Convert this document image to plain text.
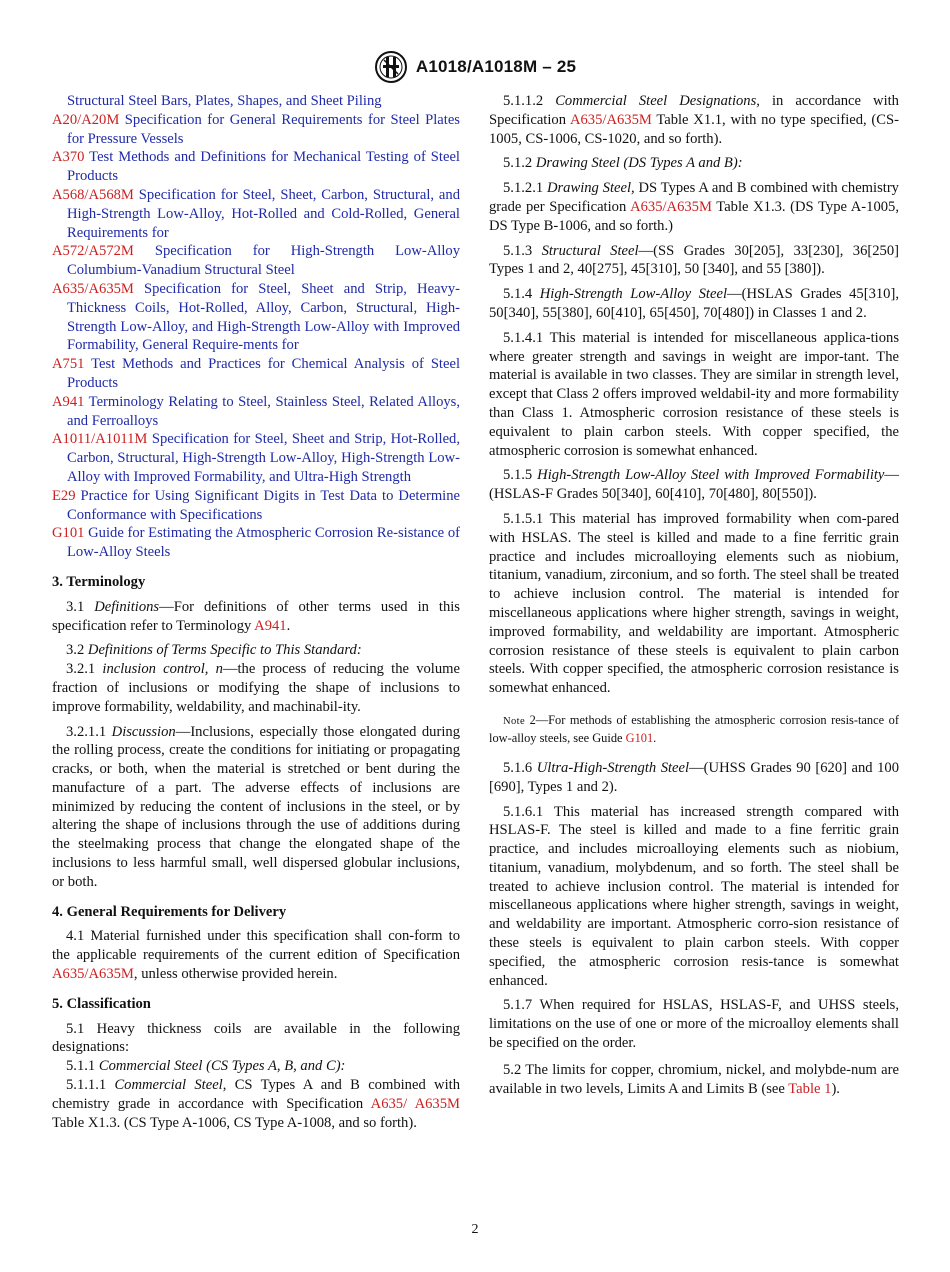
A1018/A1018M – 25
Structural Steel Bars, Plates, Shapes, and Sheet Piling
A20/A20M Specification for General Requirements for Steel Plates for Pressure Vessels
A370 Test Methods and Definitions for Mechanical Testing of Steel Products
A568/A568M Specification for Steel, Sheet, Carbon, Structural, and High-Strength Low-Alloy, Hot-Rolled and Cold-Rolled, General Requirements for
A572/A572M Specification for High-Strength Low-Alloy Columbium-Vanadium Structural Steel
A635/A635M Specification for Steel, Sheet and Strip, Heavy-Thickness Coils, Hot-Rolled, Alloy, Carbon, Structural, High-Strength Low-Alloy, and High-Strength Low-Alloy with Improved Formability, General Require-ments for
A751 Test Methods and Practices for Chemical Analysis of Steel Products
A941 Terminology Relating to Steel, Stainless Steel, Related Alloys, and Ferroalloys
A1011/A1011M Specification for Steel, Sheet and Strip, Hot-Rolled, Carbon, Structural, High-Strength Low-Alloy, High-Strength Low-Alloy with Improved Formability, and Ultra-High Strength
E29 Practice for Using Significant Digits in Test Data to Determine Conformance with Specifications
G101 Guide for Estimating the Atmospheric Corrosion Re-sistance of Low-Alloy Steels
3. Terminology

3.1 Definitions—For definitions of other terms used in this specification refer to Terminology A941.

3.2 Definitions of Terms Specific to This Standard:

3.2.1 inclusion control, n—the process of reducing the volume fraction of inclusions or modifying the shape of inclusions to improve formability, weldability, and machinabil-ity.

3.2.1.1 Discussion—Inclusions, especially those elongated during the rolling process, create the conditions for initiating or propagating cracks, or both, when the material is stretched or bent during the manufacture of a part. The adverse effects of inclusions are minimized by reducing the content of inclusions in the steel, or by altering the shape of inclusions through the use of additions during the steelmaking process that change the elongated shape of the inclusions to less harmful small, well dispersed globular inclusions, or both.

4. General Requirements for Delivery

4.1 Material furnished under this specification shall con-form to the applicable requirements of the current edition of Specification A635/A635M, unless otherwise provided herein.

5. Classification

5.1 Heavy thickness coils are available in the following designations:

5.1.1 Commercial Steel (CS Types A, B, and C):

5.1.1.1 Commercial Steel, CS Types A and B combined with chemistry grade in accordance with Specification A635/ A635M Table X1.3. (CS Type A-1006, CS Type A-1008, and so forth).

5.1.1.2 Commercial Steel Designations, in accordance with Specification A635/A635M Table X1.1, with no type specified, (CS-1005, CS-1006, CS-1020, and so forth).

5.1.2 Drawing Steel (DS Types A and B):

5.1.2.1 Drawing Steel, DS Types A and B combined with chemistry grade per Specification A635/A635M Table X1.3. (DS Type A-1005, DS Type B-1006, and so forth.)

5.1.3 Structural Steel—(SS Grades 30[205], 33[230], 36[250] Types 1 and 2, 40[275], 45[310], 50 [340], and 55 [380]).

5.1.4 High-Strength Low-Alloy Steel—(HSLAS Grades 45[310], 50[340], 55[380], 60[410], 65[450], 70[480]) in Classes 1 and 2.

5.1.4.1 This material is intended for miscellaneous applica-tions where greater strength and savings in weight are impor-tant. The material is available in two classes. They are similar in strength level, except that Class 2 offers improved weldabil-ity and more formability than Class 1. Atmospheric corrosion resistance of these steels is equivalent to plain carbon steels. With copper specified, the atmospheric corrosion is somewhat enhanced.

5.1.5 High-Strength Low-Alloy Steel with Improved Formability—(HSLAS-F Grades 50[340], 60[410], 70[480], 80[550]).

5.1.5.1 This material has improved formability when com-pared with HSLAS. The steel is killed and made to a fine ferritic grain practice and includes microalloying elements such as niobium, titanium, vanadium, zirconium, and so forth. The steel shall be treated to achieve inclusion control. The material is intended for miscellaneous applications where higher strength, savings in weight, improved formability, and weldability are important. Atmospheric corrosion resistance of these steels is equivalent to plain carbon steels. With copper specified, the atmospheric corrosion resistance is somewhat enhanced.

Note 2—For methods of establishing the atmospheric corrosion resis-tance of low-alloy steels, see Guide G101.

5.1.6 Ultra-High-Strength Steel—(UHSS Grades 90 [620] and 100 [690], Types 1 and 2).

5.1.6.1 This material has increased strength compared with HSLAS-F. The steel is killed and made to a fine ferritic grain practice, and includes microalloying elements such as niobium, titanium, vanadium, molybdenum, and so forth. The steel shall be treated to achieve inclusion control. The material is intended for miscellaneous applications where higher strength, savings in weight, and weldability are important. Atmospheric corro-sion resistance of these steels is equivalent to plain carbon steels. With copper specified, the atmospheric corrosion resis-tance is somewhat enhanced.

5.1.7 When required for HSLAS, HSLAS-F, and UHSS steels, limitations on the use of one or more of the microalloy elements shall be specified on the order.

5.2 The limits for copper, chromium, nickel, and molybde-num are available in two levels, Limits A and Limits B (see Table 1).

2
